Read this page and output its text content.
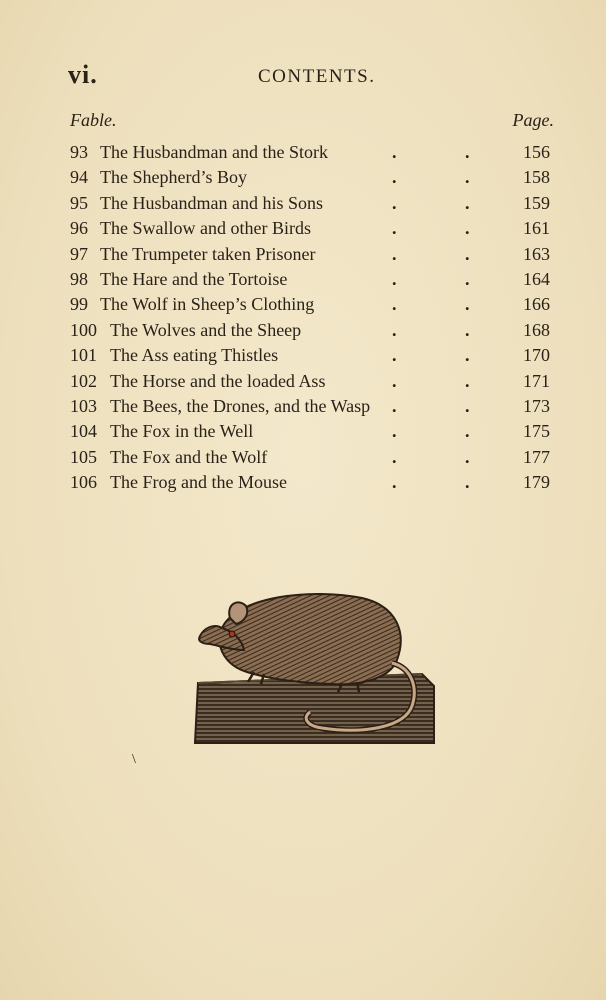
vi.	CONTENTS.
Fable.	Page.
93 The Husbandman and the Stork	.	.	156
94 The Shepherd’s Boy	.	.	158
95 The Husbandman and his Sons	.	.	159
96 The Swallow and other Birds	.	.	161
97 The Trumpeter taken Prisoner	.	.	163
98 The Hare and the Tortoise	.	.	164
99 The Wolf in Sheep’s Clothing	.	.	166
100 The Wolves and the Sheep	.	.	168
101 The Ass eating Thistles	.	.	170
102 The Horse and the loaded Ass	.	.	171
103 The Bees, the Drones, and the Wasp .	.	173
104 The Fox in the Well	.	.	175
105 The Fox and the Wolf	.	.	177
106 The Frog and the Mouse	.	.	179
\
